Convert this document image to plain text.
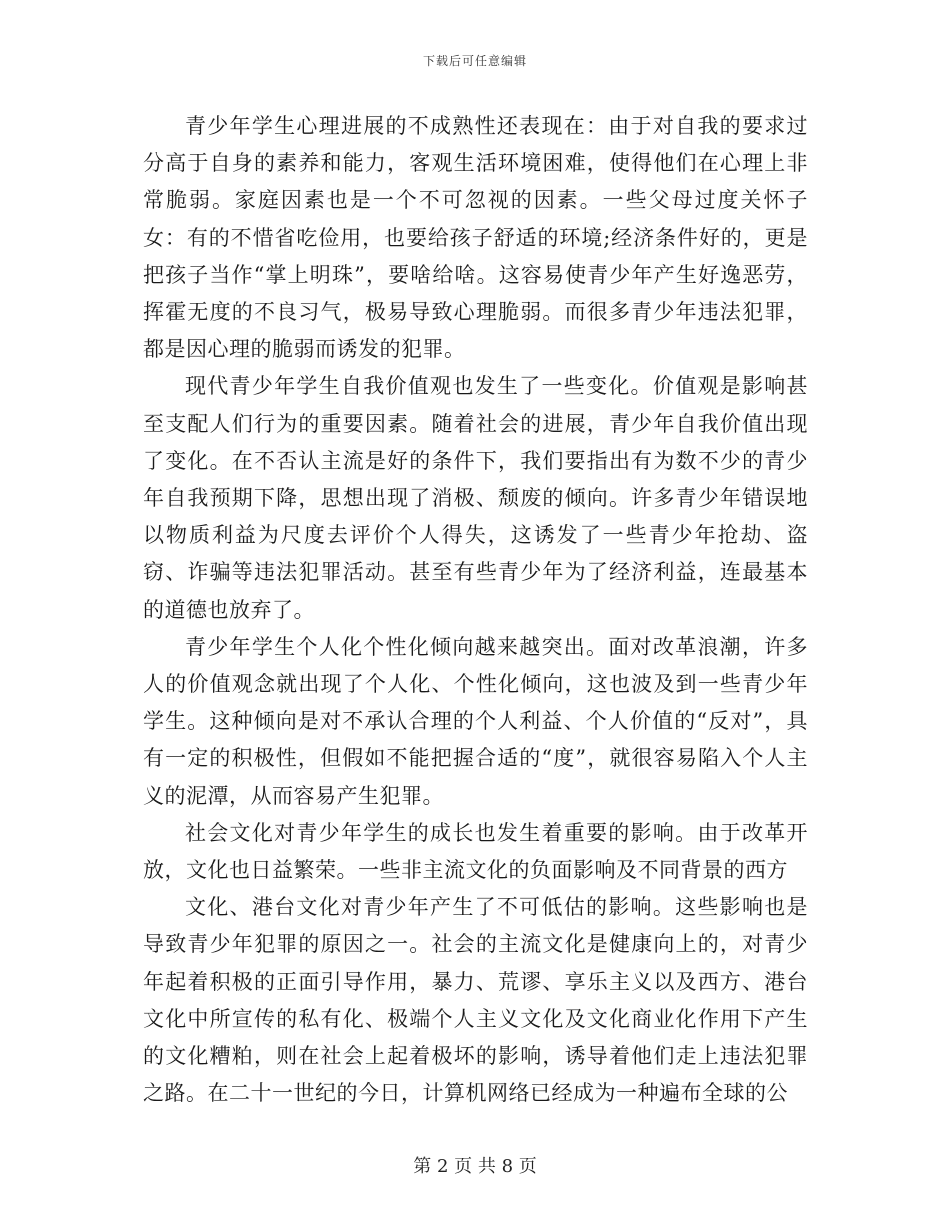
下载后可任意编辑

青少年学生心理进展的不成熟性还表现在：由于对自我的要求过分高于自身的素养和能力，客观生活环境困难，使得他们在心理上非常脆弱。家庭因素也是一个不可忽视的因素。一些父母过度关怀子女：有的不惜省吃俭用，也要给孩子舒适的环境;经济条件好的，更是把孩子当作“掌上明珠”，要啥给啥。这容易使青少年产生好逸恶劳，挥霍无度的不良习气，极易导致心理脆弱。而很多青少年违法犯罪，都是因心理的脆弱而诱发的犯罪。

现代青少年学生自我价值观也发生了一些变化。价值观是影响甚至支配人们行为的重要因素。随着社会的进展，青少年自我价值出现了变化。在不否认主流是好的条件下，我们要指出有为数不少的青少年自我预期下降，思想出现了消极、颓废的倾向。许多青少年错误地以物质利益为尺度去评价个人得失，这诱发了一些青少年抢劫、盗窃、诈骗等违法犯罪活动。甚至有些青少年为了经济利益，连最基本的道德也放弃了。

青少年学生个人化个性化倾向越来越突出。面对改革浪潮，许多人的价值观念就出现了个人化、个性化倾向，这也波及到一些青少年学生。这种倾向是对不承认合理的个人利益、个人价值的“反对”，具有一定的积极性，但假如不能把握合适的“度”，就很容易陷入个人主义的泥潭，从而容易产生犯罪。

社会文化对青少年学生的成长也发生着重要的影响。由于改革开放，文化也日益繁荣。一些非主流文化的负面影响及不同背景的西方

文化、港台文化对青少年产生了不可低估的影响。这些影响也是导致青少年犯罪的原因之一。社会的主流文化是健康向上的，对青少年起着积极的正面引导作用，暴力、荒谬、享乐主义以及西方、港台文化中所宣传的私有化、极端个人主义文化及文化商业化作用下产生的文化糟粕，则在社会上起着极坏的影响，诱导着他们走上违法犯罪之路。在二十一世纪的今日，计算机网络已经成为一种遍布全球的公

第 2 页 共 8 页
